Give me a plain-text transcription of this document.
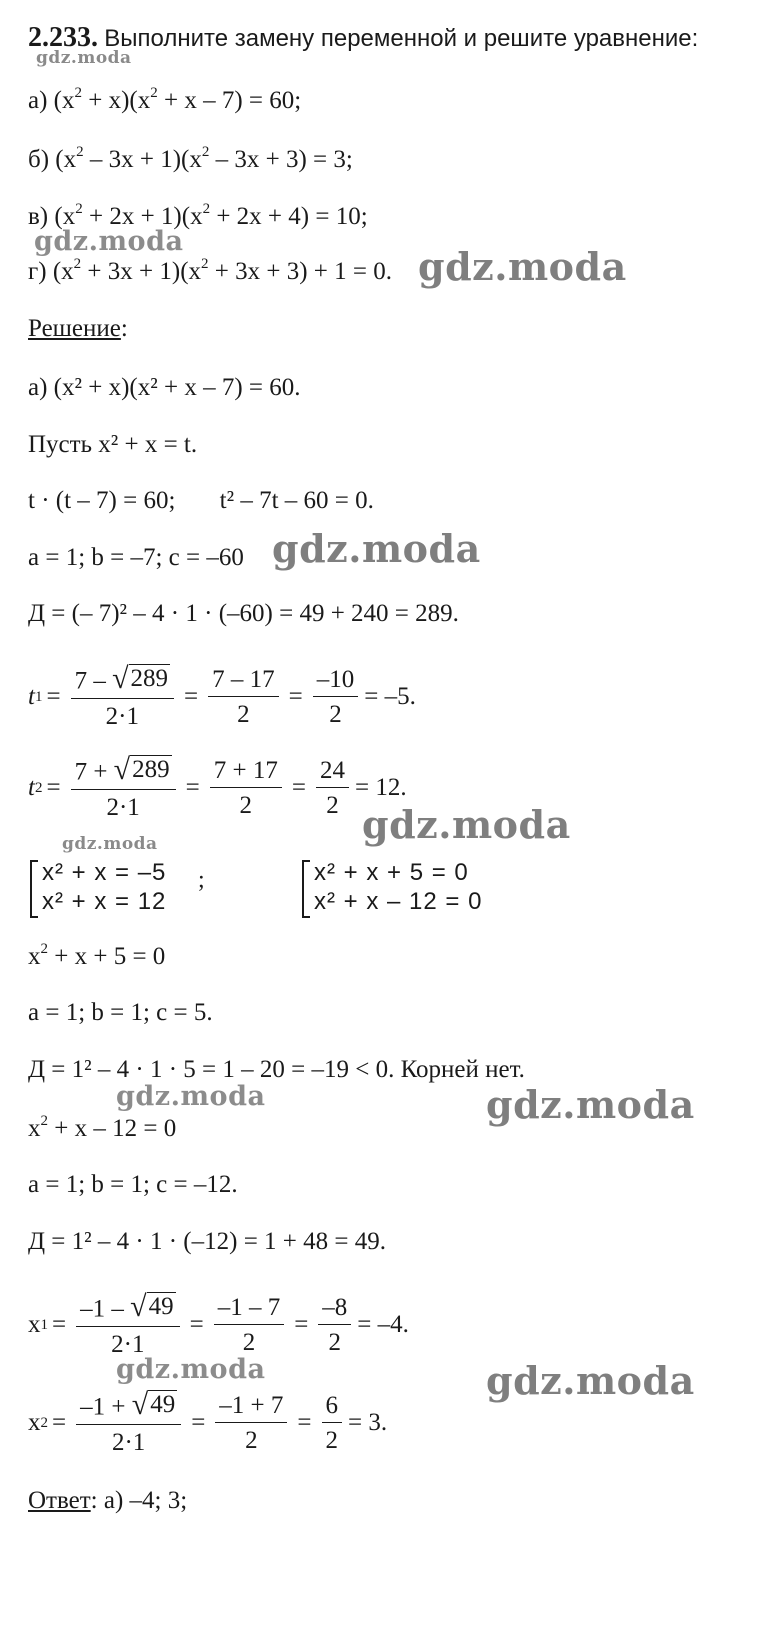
2.233. Выполните замену переменной и решите уравнение:
gdz.moda
а) $(x^2 + x)(x^2 + x - 7) = 60$;
б) $(x^2 - 3x + 1)(x^2 - 3x + 3) = 3$;
в) $(x^2 + 2x + 1)(x^2 + 2x + 4) = 10$;
gdz.moda
г) $(x^2 + 3x + 1)(x^2 + 3x + 3) + 1 = 0$. gdz.moda
Решение:
а) (x² + x)(x² + x – 7) = 60.
Пусть x² + x = t.
t · (t – 7) = 60; t² – 7t – 60 = 0.
a = 1; b = –7; c = –60 gdz.moda
Д = (– 7)² – 4 · 1 · (–60) = 49 + 240 = 289.
t $1 = \frac{7 - √ 289}{2\cdot 1} = \frac{7 - 17}{2} = \frac{-10}{2} = -5$.
t $2 = \frac{7 + √ 289}{2\cdot 1} = \frac{7 + 17}{2} = \frac{24}{2} = 12$.
gdz.moda
gdz.moda
x² + x = –5
x² + x = 12
;	x² + x + 5 = 0
x² + x – 12 = 0
$x^2 + x + 5 = 0$
a = 1; b = 1; c = 5.
Д = 1² – 4 · 1 · 5 = 1 – 20 = –19 < 0. Корней нет.
gdz.moda	gdz.moda
$x^2 + x - 12 = 0$
a = 1; b = 1; c = –12.
Д = 1² – 4 · 1 · (–12) = 1 + 48 = 49.
x $1 = \frac{-1 - √ 49}{2\cdot 1} = \frac{-1 - 7}{2} = \frac{-8}{2} = -4$.
gdz.moda	gdz.moda
x $2 = \frac{-1 + √ 49}{2\cdot 1} = \frac{-1 + 7}{2} = \frac{6}{2} = 3$.
Ответ: а) –4; 3;
